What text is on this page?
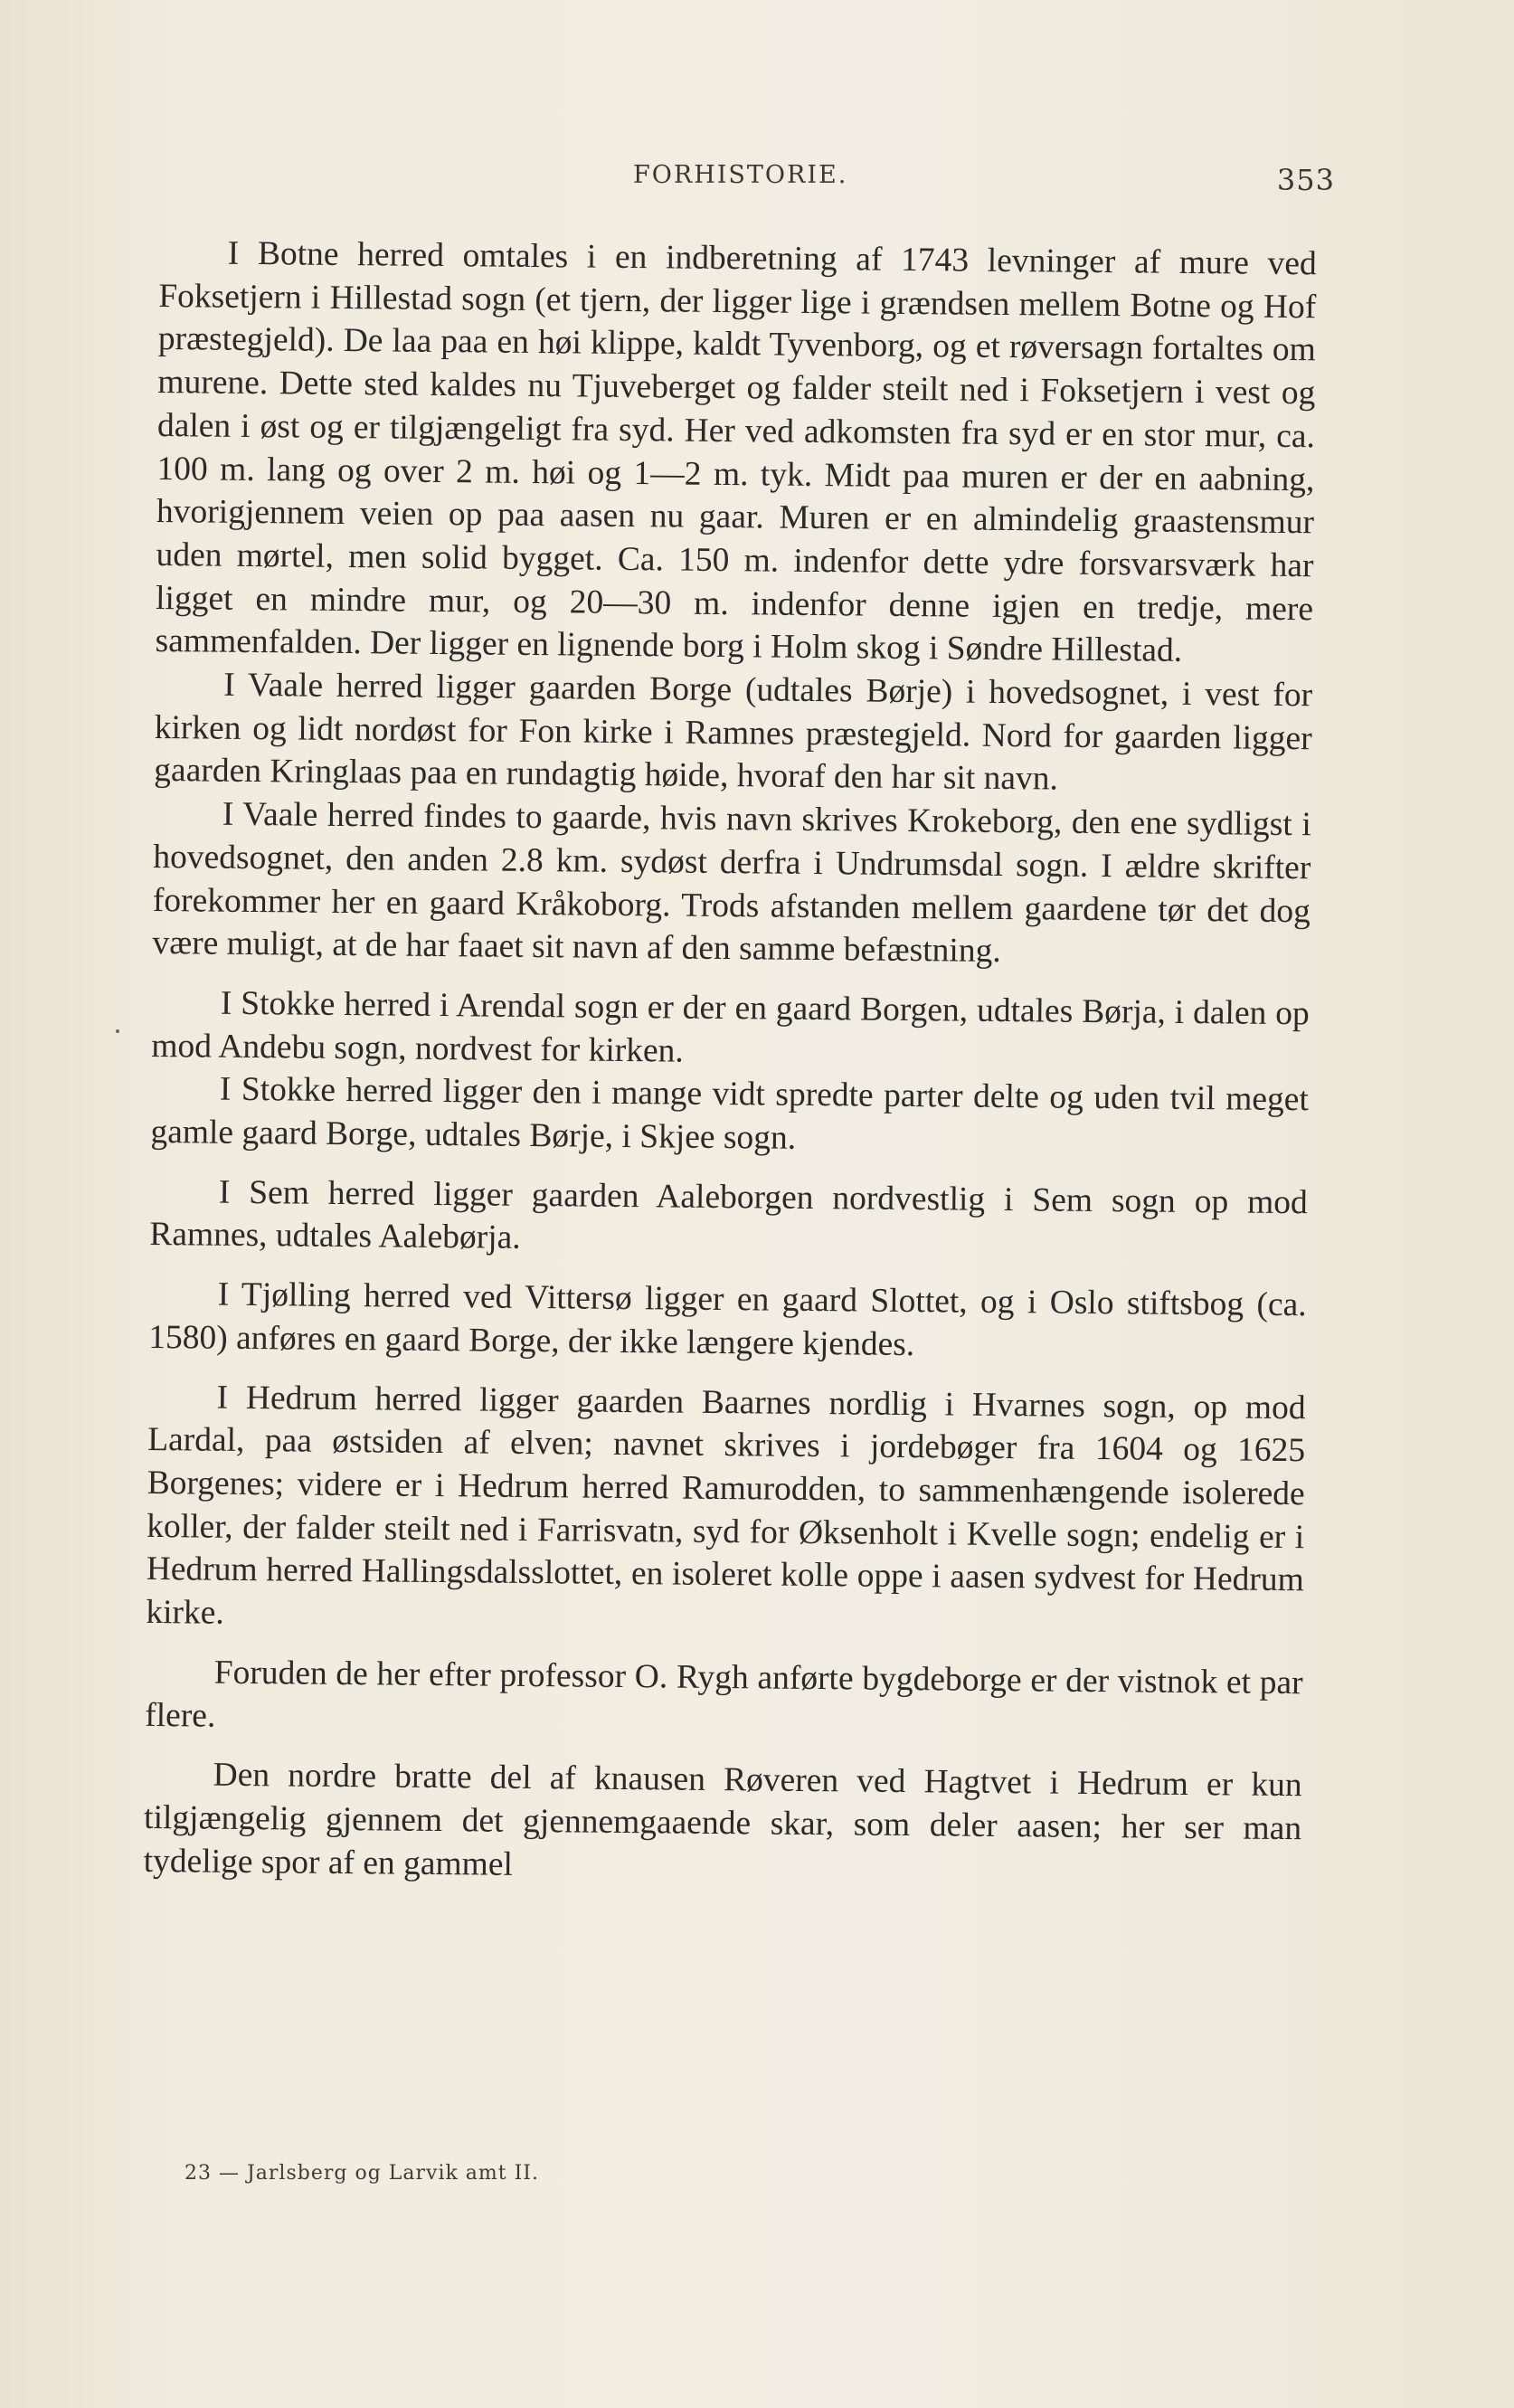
FORHISTORIE.	353

I Botne herred omtales i en indberetning af 1743 levninger af mure ved Foksetjern i Hillestad sogn (et tjern, der ligger lige i grændsen mellem Botne og Hof præstegjeld). De laa paa en høi klippe, kaldt Tyvenborg, og et røversagn fortaltes om murene. Dette sted kaldes nu Tjuveberget og falder steilt ned i Foksetjern i vest og dalen i øst og er tilgjængeligt fra syd. Her ved adkomsten fra syd er en stor mur, ca. 100 m. lang og over 2 m. høi og 1—2 m. tyk. Midt paa muren er der en aabning, hvorigjennem veien op paa aasen nu gaar. Muren er en almindelig graastensmur uden mørtel, men solid bygget. Ca. 150 m. indenfor dette ydre forsvarsværk har ligget en mindre mur, og 20—30 m. indenfor denne igjen en tredje, mere sammenfalden. Der ligger en lignende borg i Holm skog i Søndre Hillestad.

I Vaale herred ligger gaarden Borge (udtales Børje) i hovedsognet, i vest for kirken og lidt nordøst for Fon kirke i Ramnes præstegjeld. Nord for gaarden ligger gaarden Kringlaas paa en rundagtig høide, hvoraf den har sit navn.

I Vaale herred findes to gaarde, hvis navn skrives Krokeborg, den ene sydligst i hovedsognet, den anden 2.8 km. sydøst derfra i Undrumsdal sogn. I ældre skrifter forekommer her en gaard Kråkoborg. Trods afstanden mellem gaardene tør det dog være muligt, at de har faaet sit navn af den samme befæstning.

I Stokke herred i Arendal sogn er der en gaard Borgen, udtales Børja, i dalen op mod Andebu sogn, nordvest for kirken.

I Stokke herred ligger den i mange vidt spredte parter delte og uden tvil meget gamle gaard Borge, udtales Børje, i Skjee sogn.

I Sem herred ligger gaarden Aaleborgen nordvestlig i Sem sogn op mod Ramnes, udtales Aalebørja.

I Tjølling herred ved Vittersø ligger en gaard Slottet, og i Oslo stiftsbog (ca. 1580) anføres en gaard Borge, der ikke længere kjendes.

I Hedrum herred ligger gaarden Baarnes nordlig i Hvarnes sogn, op mod Lardal, paa østsiden af elven; navnet skrives i jordebøger fra 1604 og 1625 Borgenes; videre er i Hedrum herred Ramurodden, to sammenhængende isolerede koller, der falder steilt ned i Farrisvatn, syd for Øksenholt i Kvelle sogn; endelig er i Hedrum herred Hallingsdalsslottet, en isoleret kolle oppe i aasen sydvest for Hedrum kirke.

Foruden de her efter professor O. Rygh anførte bygdeborge er der vistnok et par flere.

Den nordre bratte del af knausen Røveren ved Hagtvet i Hedrum er kun tilgjængelig gjennem det gjennemgaaende skar, som deler aasen; her ser man tydelige spor af en gammel

23 — Jarlsberg og Larvik amt II.
